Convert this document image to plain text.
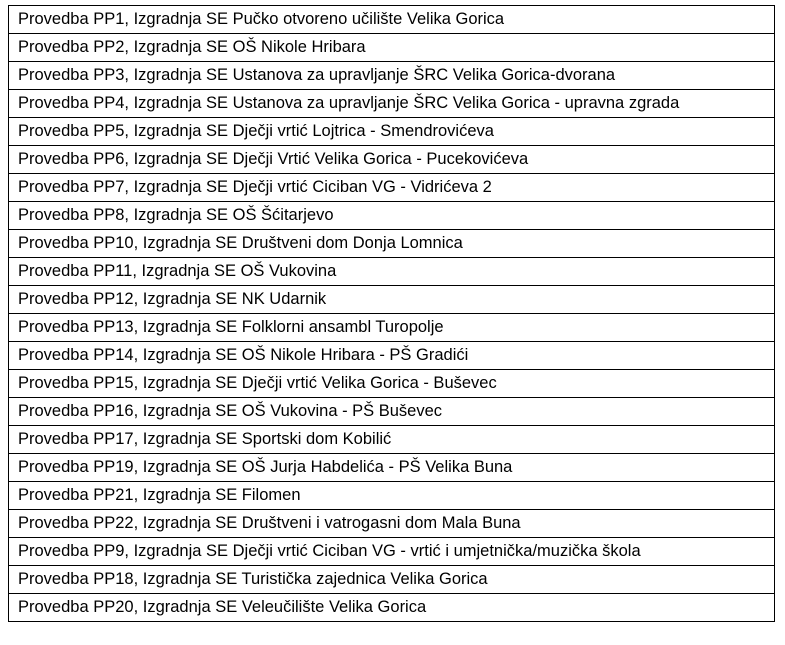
Provedba PP1, Izgradnja SE Pučko otvoreno učilište Velika Gorica
Provedba PP2, Izgradnja SE OŠ Nikole Hribara
Provedba PP3, Izgradnja SE Ustanova za upravljanje ŠRC Velika Gorica-dvorana
Provedba PP4, Izgradnja SE Ustanova za upravljanje ŠRC Velika Gorica - upravna zgrada
Provedba PP5, Izgradnja SE Dječji vrtić Lojtrica - Smendrovićeva
Provedba PP6, Izgradnja SE Dječji Vrtić Velika Gorica - Pucekovićeva
Provedba PP7, Izgradnja SE Dječji vrtić Ciciban VG - Vidrićeva 2
Provedba PP8, Izgradnja SE OŠ Šćitarjevo
Provedba PP10, Izgradnja SE Društveni dom Donja Lomnica
Provedba PP11, Izgradnja SE OŠ Vukovina
Provedba PP12, Izgradnja SE NK Udarnik
Provedba PP13, Izgradnja SE Folklorni ansambl Turopolje
Provedba PP14, Izgradnja SE OŠ Nikole Hribara - PŠ Gradići
Provedba PP15, Izgradnja SE Dječji vrtić Velika Gorica - Buševec
Provedba PP16, Izgradnja SE OŠ Vukovina - PŠ Buševec
Provedba PP17, Izgradnja SE Sportski dom Kobilić
Provedba PP19, Izgradnja SE OŠ Jurja Habdelića - PŠ Velika Buna
Provedba PP21, Izgradnja SE Filomen
Provedba PP22, Izgradnja SE Društveni i vatrogasni dom Mala Buna
Provedba PP9, Izgradnja SE Dječji vrtić Ciciban VG - vrtić i umjetnička/muzička škola
Provedba PP18, Izgradnja SE Turistička zajednica Velika Gorica
Provedba PP20, Izgradnja SE Veleučilište Velika Gorica
